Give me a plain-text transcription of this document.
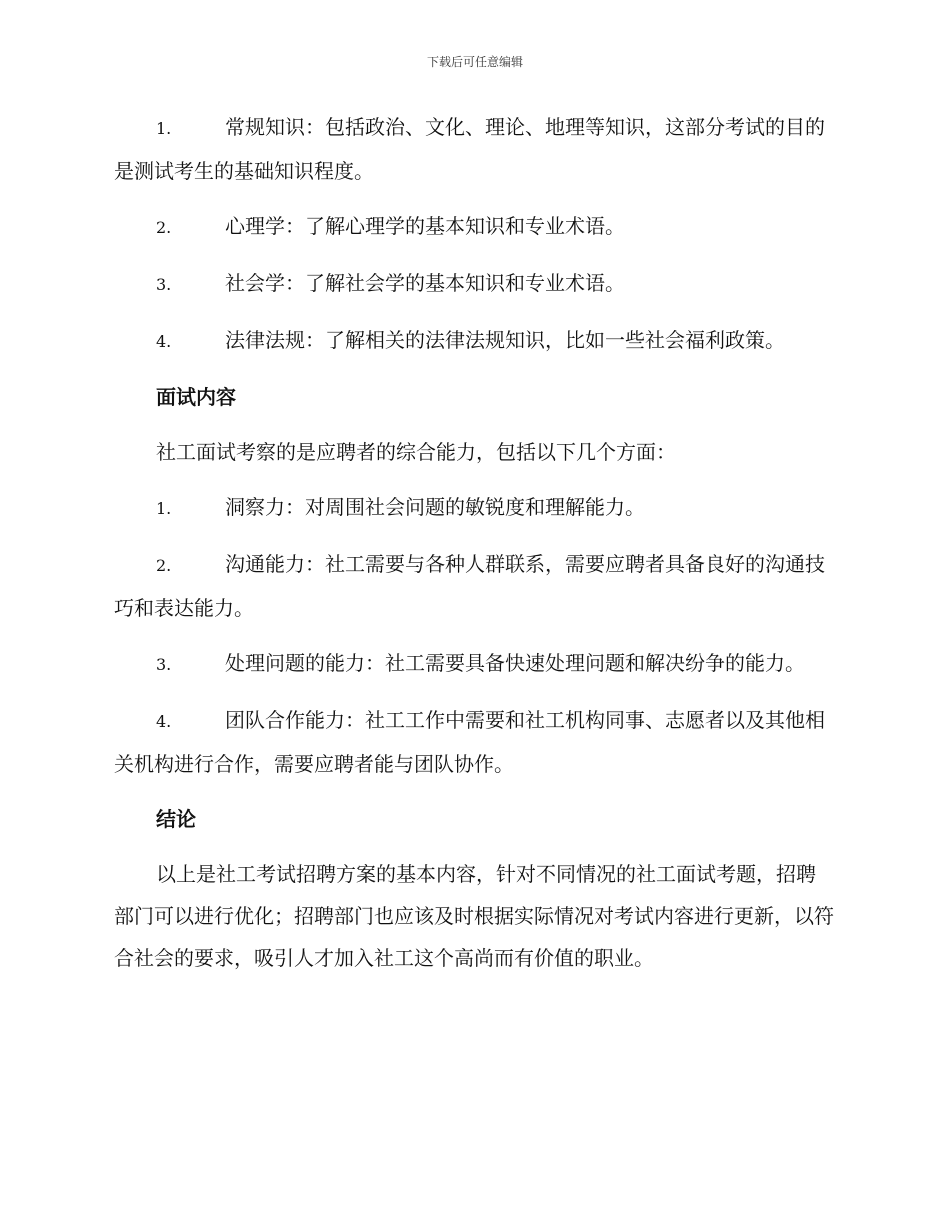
下载后可任意编辑
1.	常规知识：包括政治、文化、理论、地理等知识，这部分考试的目的是测试考生的基础知识程度。
2.	心理学：了解心理学的基本知识和专业术语。
3.	社会学：了解社会学的基本知识和专业术语。
4.	法律法规：了解相关的法律法规知识，比如一些社会福利政策。
面试内容
社工面试考察的是应聘者的综合能力，包括以下几个方面：
1.	洞察力：对周围社会问题的敏锐度和理解能力。
2.	沟通能力：社工需要与各种人群联系，需要应聘者具备良好的沟通技巧和表达能力。
3.	处理问题的能力：社工需要具备快速处理问题和解决纷争的能力。
4.	团队合作能力：社工工作中需要和社工机构同事、志愿者以及其他相关机构进行合作，需要应聘者能与团队协作。
结论
以上是社工考试招聘方案的基本内容，针对不同情况的社工面试考题，招聘部门可以进行优化；招聘部门也应该及时根据实际情况对考试内容进行更新，以符合社会的要求，吸引人才加入社工这个高尚而有价值的职业。
